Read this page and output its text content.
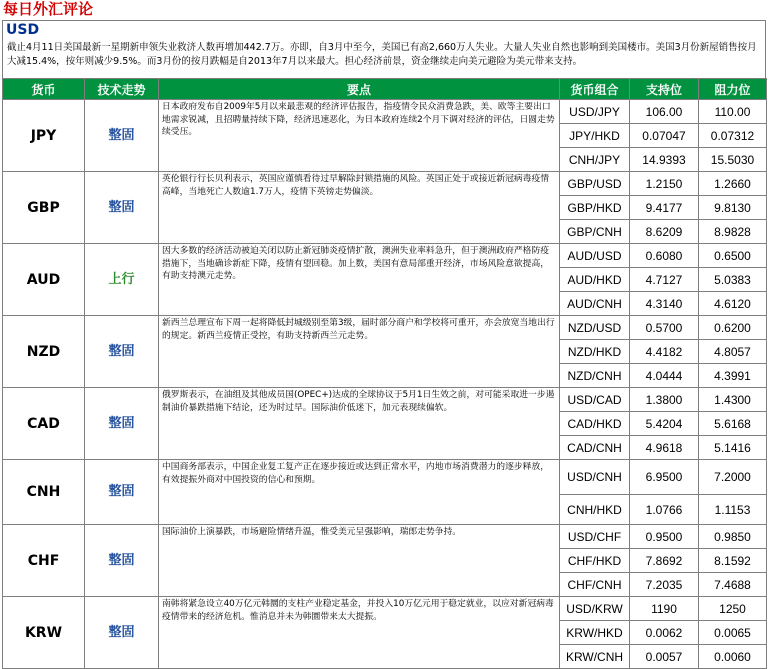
每日外汇评论
USD
截止4月11日美国最新一星期新申领失业救济人数再增加442.7万。亦即，自3月中至今，美国已有高2,660万人失业。大量人失业自然也影响到美国楼市。美国3月份新屋销售按月大减15.4%，按年则减少9.5%。而3月份的按月跌幅是自2013年7月以来最大。担心经济前景，资金继续走向美元避险为美元带来支持。
货币	技术走势	要点	货币组合	支持位	阻力位
JPY	整固	日本政府发布自2009年5月以来最悲观的经济评估报告，指疫情令民众消费急跌，美、欧等主要出口地需求锐减，且招聘量持续下降，经济迅速恶化，为日本政府连续2个月下调对经济的评估，日圆走势续受压。	USD/JPY	106.00	110.00
			JPY/HKD	0.07047	0.07312
			CNH/JPY	14.9393	15.5030
GBP	整固	英伦银行行长贝利表示，英国应谨慎看待过早解除封锁措施的风险。英国正处于或接近新冠病毒疫情高峰，当地死亡人数逾1.7万人，疫情下英镑走势偏淡。	GBP/USD	1.2150	1.2660
			GBP/HKD	9.4177	9.8130
			GBP/CNH	8.6209	8.9828
AUD	上行	因大多数的经济活动被迫关闭以防止新冠肺炎疫情扩散，澳洲失业率料急升，但于澳洲政府严格防疫措施下，当地确诊新症下降，疫情有望回稳。加上数，美国有意局部重开经济，市场风险意欲提高，有助支持澳元走势。	AUD/USD	0.6080	0.6500
			AUD/HKD	4.7127	5.0383
			AUD/CNH	4.3140	4.6120
NZD	整固	新西兰总理宣布下周一起将降低封城级别至第3级，届时部分商户和学校将可重开，亦会放宽当地出行的规定。新西兰疫情正受控，有助支持新西兰元走势。	NZD/USD	0.5700	0.6200
			NZD/HKD	4.4182	4.8057
			NZD/CNH	4.0444	4.3991
CAD	整固	俄罗斯表示，在油组及其他成员国(OPEC+)达成的全球协议于5月1日生效之前，对可能采取进一步遏制油价暴跌措施下结论，还为时过早。国际油价低迷下，加元表现续偏软。	USD/CAD	1.3800	1.4300
			CAD/HKD	5.4204	5.6168
			CAD/CNH	4.9618	5.1416
CNH	整固	中国商务部表示，中国企业复工复产正在逐步接近或达到正常水平，内地市场消费潜力的逐步释放，有效提振外商对中国投资的信心和预期。	USD/CNH	6.9500	7.2000
			CNH/HKD	1.0766	1.1153
CHF	整固	国际油价上演暴跌，市场避险情绪升温，惟受美元呈强影响，瑞郎走势争持。	USD/CHF	0.9500	0.9850
			CHF/HKD	7.8692	8.1592
			CHF/CNH	7.2035	7.4688
KRW	整固	南韩将紧急设立40万亿元韩圜的支柱产业稳定基金，并投入10万亿元用于稳定就业，以应对新冠病毒疫情带来的经济危机。惟消息并未为韩圜带来太大提振。	USD/KRW	1190	1250
			KRW/HKD	0.0062	0.0065
			KRW/CNH	0.0057	0.0060
